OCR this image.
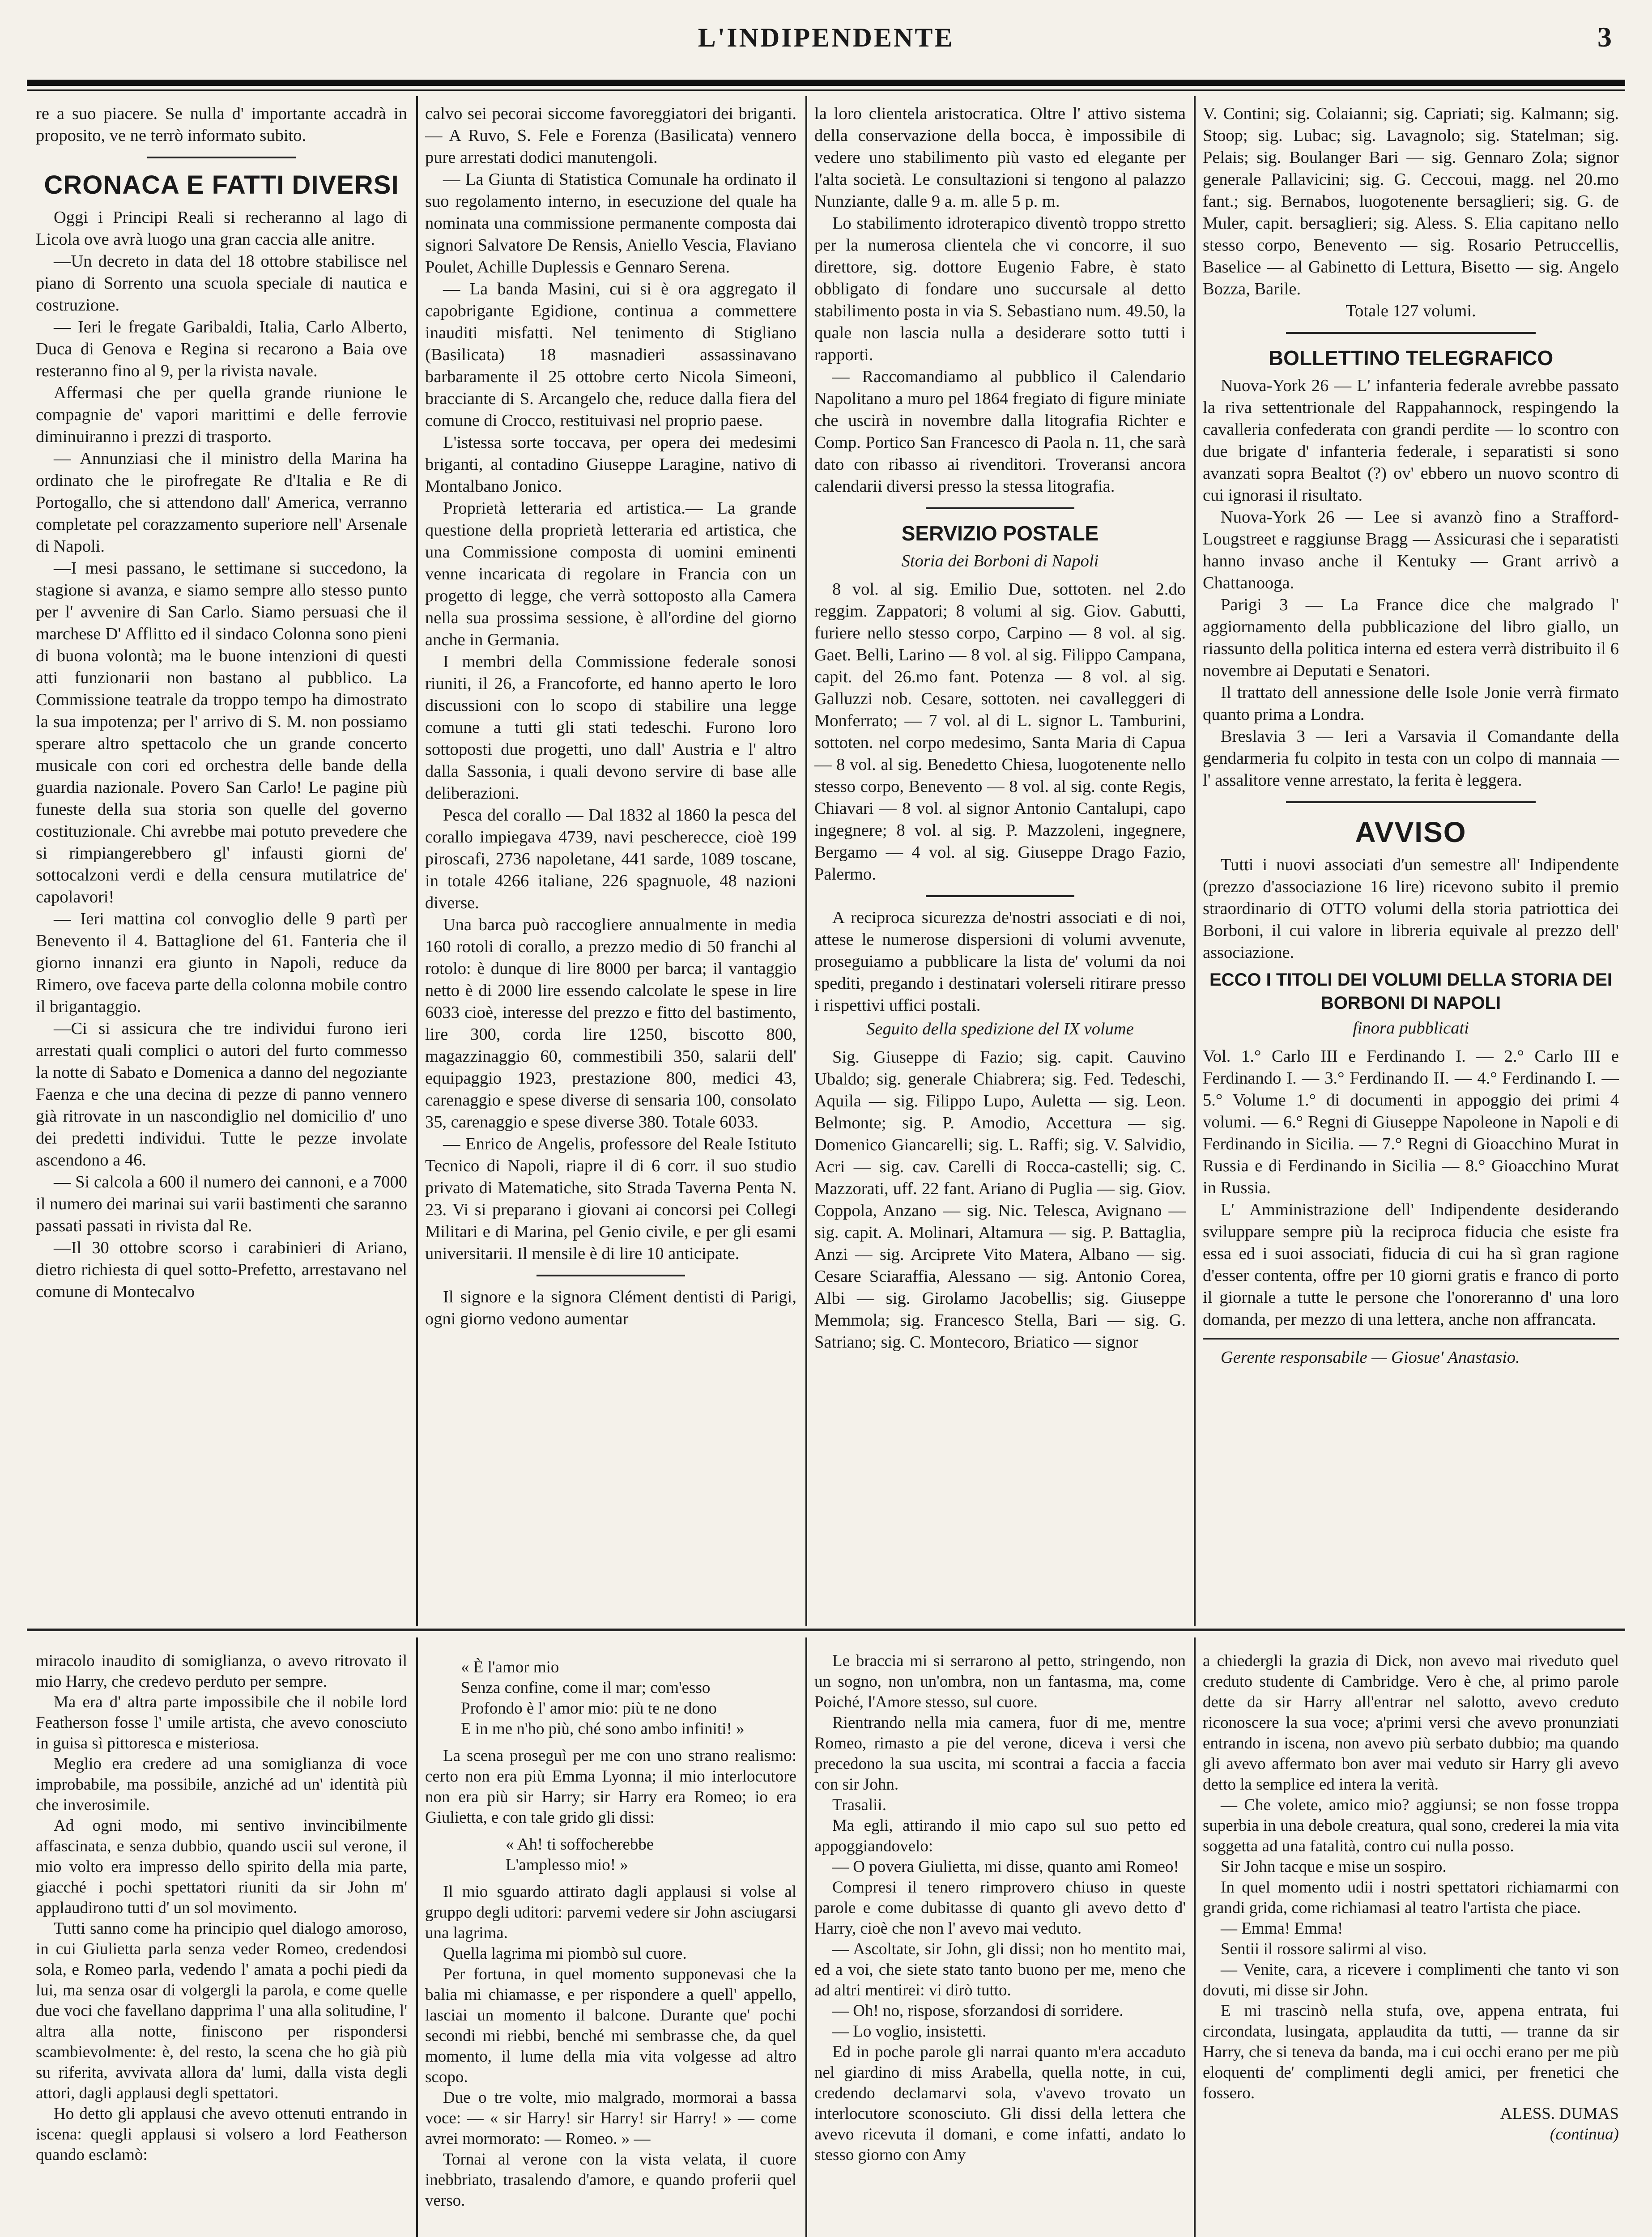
L'INDIPENDENTE	3

re a suo piacere. Se nulla d' importante accadrà in proposito, ve ne terrò informato subito.

CRONACA E FATTI DIVERSI

Oggi i Principi Reali si recheranno al lago di Licola ove avrà luogo una gran caccia alle anitre.

—Un decreto in data del 18 ottobre stabilisce nel piano di Sorrento una scuola speciale di nautica e costruzione.

— Ieri le fregate Garibaldi, Italia, Carlo Alberto, Duca di Genova e Regina si recarono a Baia ove resteranno fino al 9, per la rivista navale.

Affermasi che per quella grande riunione le compagnie de' vapori marittimi e delle ferrovie diminuiranno i prezzi di trasporto.

— Annunziasi che il ministro della Marina ha ordinato che le pirofregate Re d'Italia e Re di Portogallo, che si attendono dall' America, verranno completate pel corazzamento superiore nell' Arsenale di Napoli.

—I mesi passano, le settimane si succedono, la stagione si avanza, e siamo sempre allo stesso punto per l' avvenire di San Carlo. Siamo persuasi che il marchese D' Afflitto ed il sindaco Colonna sono pieni di buona volontà; ma le buone intenzioni di questi atti funzionarii non bastano al pubblico. La Commissione teatrale da troppo tempo ha dimostrato la sua impotenza; per l' arrivo di S. M. non possiamo sperare altro spettacolo che un grande concerto musicale con cori ed orchestra delle bande della guardia nazionale. Povero San Carlo! Le pagine più funeste della sua storia son quelle del governo costituzionale. Chi avrebbe mai potuto prevedere che si rimpiangerebbero gl' infausti giorni de' sottocalzoni verdi e della censura mutilatrice de' capolavori!

— Ieri mattina col convoglio delle 9 partì per Benevento il 4. Battaglione del 61. Fanteria che il giorno innanzi era giunto in Napoli, reduce da Rimero, ove faceva parte della colonna mobile contro il brigantaggio.

—Ci si assicura che tre individui furono ieri arrestati quali complici o autori del furto commesso la notte di Sabato e Domenica a danno del negoziante Faenza e che una decina di pezze di panno vennero già ritrovate in un nascondiglio nel domicilio d' uno dei predetti individui. Tutte le pezze involate ascendono a 46.

— Si calcola a 600 il numero dei cannoni, e a 7000 il numero dei marinai sui varii bastimenti che saranno passati passati in rivista dal Re.

—Il 30 ottobre scorso i carabinieri di Ariano, dietro richiesta di quel sotto-Prefetto, arrestavano nel comune di Montecalvo

calvo sei pecorai siccome favoreggiatori dei briganti. — A Ruvo, S. Fele e Forenza (Basilicata) vennero pure arrestati dodici manutengoli.

— La Giunta di Statistica Comunale ha ordinato il suo regolamento interno, in esecuzione del quale ha nominata una commissione permanente composta dai signori Salvatore De Rensis, Aniello Vescia, Flaviano Poulet, Achille Duplessis e Gennaro Serena.

— La banda Masini, cui si è ora aggregato il capobrigante Egidione, continua a commettere inauditi misfatti. Nel tenimento di Stigliano (Basilicata) 18 masnadieri assassinavano barbaramente il 25 ottobre certo Nicola Simeoni, bracciante di S. Arcangelo che, reduce dalla fiera del comune di Crocco, restituivasi nel proprio paese.

L'istessa sorte toccava, per opera dei medesimi briganti, al contadino Giuseppe Laragine, nativo di Montalbano Jonico.

Proprietà letteraria ed artistica.— La grande questione della proprietà letteraria ed artistica, che una Commissione composta di uomini eminenti venne incaricata di regolare in Francia con un progetto di legge, che verrà sottoposto alla Camera nella sua prossima sessione, è all'ordine del giorno anche in Germania.

I membri della Commissione federale sonosi riuniti, il 26, a Francoforte, ed hanno aperto le loro discussioni con lo scopo di stabilire una legge comune a tutti gli stati tedeschi. Furono loro sottoposti due progetti, uno dall' Austria e l' altro dalla Sassonia, i quali devono servire di base alle deliberazioni.

Pesca del corallo — Dal 1832 al 1860 la pesca del corallo impiegava 4739, navi pescherecce, cioè 199 piroscafi, 2736 napoletane, 441 sarde, 1089 toscane, in totale 4266 italiane, 226 spagnuole, 48 nazioni diverse.

Una barca può raccogliere annualmente in media 160 rotoli di corallo, a prezzo medio di 50 franchi al rotolo: è dunque di lire 8000 per barca; il vantaggio netto è di 2000 lire essendo calcolate le spese in lire 6033 cioè, interesse del prezzo e fitto del bastimento, lire 300, corda lire 1250, biscotto 800, magazzinaggio 60, commestibili 350, salarii dell' equipaggio 1923, prestazione 800, medici 43, carenaggio e spese diverse di sensaria 100, consolato 35, carenaggio e spese diverse 380. Totale 6033.

— Enrico de Angelis, professore del Reale Istituto Tecnico di Napoli, riapre il di 6 corr. il suo studio privato di Matematiche, sito Strada Taverna Penta N. 23. Vi si preparano i giovani ai concorsi pei Collegi Militari e di Marina, pel Genio civile, e per gli esami universitarii. Il mensile è di lire 10 anticipate.

Il signore e la signora Clément dentisti di Parigi, ogni giorno vedono aumentar

la loro clientela aristocratica. Oltre l' attivo sistema della conservazione della bocca, è impossibile di vedere uno stabilimento più vasto ed elegante per l'alta società. Le consultazioni si tengono al palazzo Nunziante, dalle 9 a. m. alle 5 p. m.

Lo stabilimento idroterapico diventò troppo stretto per la numerosa clientela che vi concorre, il suo direttore, sig. dottore Eugenio Fabre, è stato obbligato di fondare uno succursale al detto stabilimento posta in via S. Sebastiano num. 49.50, la quale non lascia nulla a desiderare sotto tutti i rapporti.

— Raccomandiamo al pubblico il Calendario Napolitano a muro pel 1864 fregiato di figure miniate che uscirà in novembre dalla litografia Richter e Comp. Portico San Francesco di Paola n. 11, che sarà dato con ribasso ai rivenditori. Troveransi ancora calendarii diversi presso la stessa litografia.

SERVIZIO POSTALE
Storia dei Borboni di Napoli

8 vol. al sig. Emilio Due, sottoten. nel 2.do reggim. Zappatori; 8 volumi al sig. Giov. Gabutti, furiere nello stesso corpo, Carpino — 8 vol. al sig. Gaet. Belli, Larino — 8 vol. al sig. Filippo Campana, capit. del 26.mo fant. Potenza — 8 vol. al sig. Galluzzi nob. Cesare, sottoten. nei cavalleggeri di Monferrato; — 7 vol. al di L. signor L. Tamburini, sottoten. nel corpo medesimo, Santa Maria di Capua — 8 vol. al sig. Benedetto Chiesa, luogotenente nello stesso corpo, Benevento — 8 vol. al sig. conte Regis, Chiavari — 8 vol. al signor Antonio Cantalupi, capo ingegnere; 8 vol. al sig. P. Mazzoleni, ingegnere, Bergamo — 4 vol. al sig. Giuseppe Drago Fazio, Palermo.

A reciproca sicurezza de'nostri associati e di noi, attese le numerose dispersioni di volumi avvenute, proseguiamo a pubblicare la lista de' volumi da noi spediti, pregando i destinatari volerseli ritirare presso i rispettivi uffici postali.

Seguito della spedizione del IX volume

Sig. Giuseppe di Fazio; sig. capit. Cauvino Ubaldo; sig. generale Chiabrera; sig. Fed. Tedeschi, Aquila — sig. Filippo Lupo, Auletta — sig. Leon. Belmonte; sig. P. Amodio, Accettura — sig. Domenico Giancarelli; sig. L. Raffi; sig. V. Salvidio, Acri — sig. cav. Carelli di Rocca-castelli; sig. C. Mazzorati, uff. 22 fant. Ariano di Puglia — sig. Giov. Coppola, Anzano — sig. Nic. Telesca, Avignano — sig. capit. A. Molinari, Altamura — sig. P. Battaglia, Anzi — sig. Arciprete Vito Matera, Albano — sig. Cesare Sciaraffia, Alessano — sig. Antonio Corea, Albi — sig. Girolamo Jacobellis; sig. Giuseppe Memmola; sig. Francesco Stella, Bari — sig. G. Satriano; sig. C. Montecoro, Briatico — signor

V. Contini; sig. Colaianni; sig. Capriati; sig. Kalmann; sig. Stoop; sig. Lubac; sig. Lavagnolo; sig. Statelman; sig. Pelais; sig. Boulanger Bari — sig. Gennaro Zola; signor generale Pallavicini; sig. G. Ceccoui, magg. nel 20.mo fant.; sig. Bernabos, luogotenente bersaglieri; sig. G. de Muler, capit. bersaglieri; sig. Aless. S. Elia capitano nello stesso corpo, Benevento — sig. Rosario Petruccellis, Baselice — al Gabinetto di Lettura, Bisetto — sig. Angelo Bozza, Barile.

Totale 127 volumi.

BOLLETTINO TELEGRAFICO

Nuova-York 26 — L' infanteria federale avrebbe passato la riva settentrionale del Rappahannock, respingendo la cavalleria confederata con grandi perdite — lo scontro con due brigate d' infanteria federale, i separatisti si sono avanzati sopra Bealtot (?) ov' ebbero un nuovo scontro di cui ignorasi il risultato.

Nuova-York 26 — Lee si avanzò fino a Strafford-Lougstreet e raggiunse Bragg — Assicurasi che i separatisti hanno invaso anche il Kentuky — Grant arrivò a Chattanooga.

Parigi 3 — La France dice che malgrado l' aggiornamento della pubblicazione del libro giallo, un riassunto della politica interna ed estera verrà distribuito il 6 novembre ai Deputati e Senatori.

Il trattato dell annessione delle Isole Jonie verrà firmato quanto prima a Londra.

Breslavia 3 — Ieri a Varsavia il Comandante della gendarmeria fu colpito in testa con un colpo di mannaia — l' assalitore venne arrestato, la ferita è leggera.

AVVISO

Tutti i nuovi associati d'un semestre all' Indipendente (prezzo d'associazione 16 lire) ricevono subito il premio straordinario di OTTO volumi della storia patriottica dei Borboni, il cui valore in libreria equivale al prezzo dell' associazione.

ECCO I TITOLI DEI VOLUMI DELLA STORIA DEI BORBONI DI NAPOLI
finora pubblicati

Vol. 1.° Carlo III e Ferdinando I. — 2.° Carlo III e Ferdinando I. — 3.° Ferdinando II. — 4.° Ferdinando I. — 5.° Volume 1.° di documenti in appoggio dei primi 4 volumi. — 6.° Regni di Giuseppe Napoleone in Napoli e di Ferdinando in Sicilia. — 7.° Regni di Gioacchino Murat in Russia e di Ferdinando in Sicilia — 8.° Gioacchino Murat in Russia.

L' Amministrazione dell' Indipendente desiderando sviluppare sempre più la reciproca fiducia che esiste fra essa ed i suoi associati, fiducia di cui ha sì gran ragione d'esser contenta, offre per 10 giorni gratis e franco di porto il giornale a tutte le persone che l'onoreranno d' una loro domanda, per mezzo di una lettera, anche non affrancata.

Gerente responsabile — Giosue' Anastasio.

miracolo inaudito di somiglianza, o avevo ritrovato il mio Harry, che credevo perduto per sempre.

Ma era d' altra parte impossibile che il nobile lord Featherson fosse l' umile artista, che avevo conosciuto in guisa sì pittoresca e misteriosa.

Meglio era credere ad una somiglianza di voce improbabile, ma possibile, anziché ad un' identità più che inverosimile.

Ad ogni modo, mi sentivo invincibilmente affascinata, e senza dubbio, quando uscii sul verone, il mio volto era impresso dello spirito della mia parte, giacché i pochi spettatori riuniti da sir John m' applaudirono tutti d' un sol movimento.

Tutti sanno come ha principio quel dialogo amoroso, in cui Giulietta parla senza veder Romeo, credendosi sola, e Romeo parla, vedendo l' amata a pochi piedi da lui, ma senza osar di volgergli la parola, e come quelle due voci che favellano dapprima l' una alla solitudine, l' altra alla notte, finiscono per rispondersi scambievolmente: è, del resto, la scena che ho già più su riferita, avvivata allora da' lumi, dalla vista degli attori, dagli applausi degli spettatori.

Ho detto gli applausi che avevo ottenuti entrando in iscena: quegli applausi si volsero a lord Featherson quando esclamò:

« È l'amor mio
Senza confine, come il mar; com'esso
Profondo è l' amor mio: più te ne dono
E in me n'ho più, ché sono ambo infiniti! »

La scena proseguì per me con uno strano realismo: certo non era più Emma Lyonna; il mio interlocutore non era più sir Harry; sir Harry era Romeo; io era Giulietta, e con tale grido gli dissi:

« Ah! ti soffocherebbe
L'amplesso mio! »

Il mio sguardo attirato dagli applausi si volse al gruppo degli uditori: parvemi vedere sir John asciugarsi una lagrima.

Quella lagrima mi piombò sul cuore.

Per fortuna, in quel momento supponevasi che la balia mi chiamasse, e per rispondere a quell' appello, lasciai un momento il balcone. Durante que' pochi secondi mi riebbi, benché mi sembrasse che, da quel momento, il lume della mia vita volgesse ad altro scopo.

Due o tre volte, mio malgrado, mormorai a bassa voce: — « sir Harry! sir Harry! sir Harry! » — come avrei mormorato: — Romeo. » —

Tornai al verone con la vista velata, il cuore inebbriato, trasalendo d'amore, e quando proferii quel verso.

Le braccia mi si serrarono al petto, stringendo, non un sogno, non un'ombra, non un fantasma, ma, come Poiché, l'Amore stesso, sul cuore.

Rientrando nella mia camera, fuor di me, mentre Romeo, rimasto a pie del verone, diceva i versi che precedono la sua uscita, mi scontrai a faccia a faccia con sir John.

Trasalii.

Ma egli, attirando il mio capo sul suo petto ed appoggiandovelo:

— O povera Giulietta, mi disse, quanto ami Romeo!

Compresi il tenero rimprovero chiuso in queste parole e come dubitasse di quanto gli avevo detto d' Harry, cioè che non l' avevo mai veduto.

— Ascoltate, sir John, gli dissi; non ho mentito mai, ed a voi, che siete stato tanto buono per me, meno che ad altri mentirei: vi dirò tutto.

— Oh! no, rispose, sforzandosi di sorridere.

— Lo voglio, insistetti.

Ed in poche parole gli narrai quanto m'era accaduto nel giardino di miss Arabella, quella notte, in cui, credendo declamarvi sola, v'avevo trovato un interlocutore sconosciuto. Gli dissi della lettera che avevo ricevuta il domani, e come infatti, andato lo stesso giorno con Amy

a chiedergli la grazia di Dick, non avevo mai riveduto quel creduto studente di Cambridge. Vero è che, al primo parole dette da sir Harry all'entrar nel salotto, avevo creduto riconoscere la sua voce; a'primi versi che avevo pronunziati entrando in iscena, non avevo più serbato dubbio; ma quando gli avevo affermato bon aver mai veduto sir Harry gli avevo detto la semplice ed intera la verità.

— Che volete, amico mio? aggiunsi; se non fosse troppa superbia in una debole creatura, qual sono, crederei la mia vita soggetta ad una fatalità, contro cui nulla posso.

Sir John tacque e mise un sospiro.

In quel momento udii i nostri spettatori richiamarmi con grandi grida, come richiamasi al teatro l'artista che piace.

— Emma! Emma!

Sentii il rossore salirmi al viso.

— Venite, cara, a ricevere i complimenti che tanto vi son dovuti, mi disse sir John.

E mi trascinò nella stufa, ove, appena entrata, fui circondata, lusingata, applaudita da tutti, — tranne da sir Harry, che si teneva da banda, ma i cui occhi erano per me più eloquenti de' complimenti degli amici, per frenetici che fossero.

ALESS. DUMAS

(continua)
